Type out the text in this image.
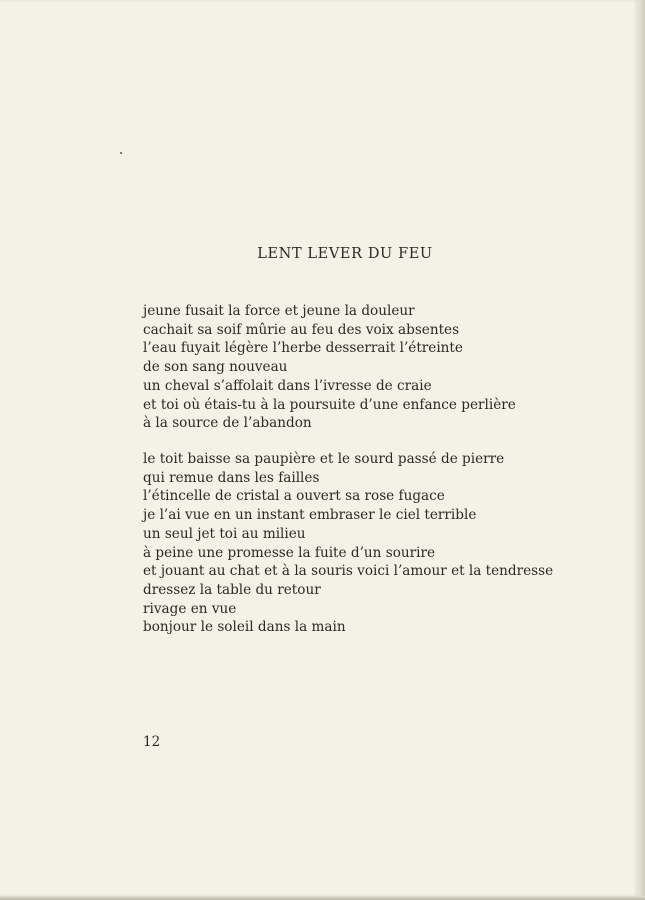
LENT LEVER DU FEU
jeune fusait la force et jeune la douleur
cachait sa soif mûrie au feu des voix absentes
l’eau fuyait légère l’herbe desserrait l’étreinte
de son sang nouveau
un cheval s’affolait dans l’ivresse de craie
et toi où étais-tu à la poursuite d’une enfance perlière
à la source de l’abandon
le toit baisse sa paupière et le sourd passé de pierre
qui remue dans les failles
l’étincelle de cristal a ouvert sa rose fugace
je l’ai vue en un instant embraser le ciel terrible
un seul jet toi au milieu
à peine une promesse la fuite d’un sourire
et jouant au chat et à la souris voici l’amour et la tendresse
dressez la table du retour
rivage en vue
bonjour le soleil dans la main
12
